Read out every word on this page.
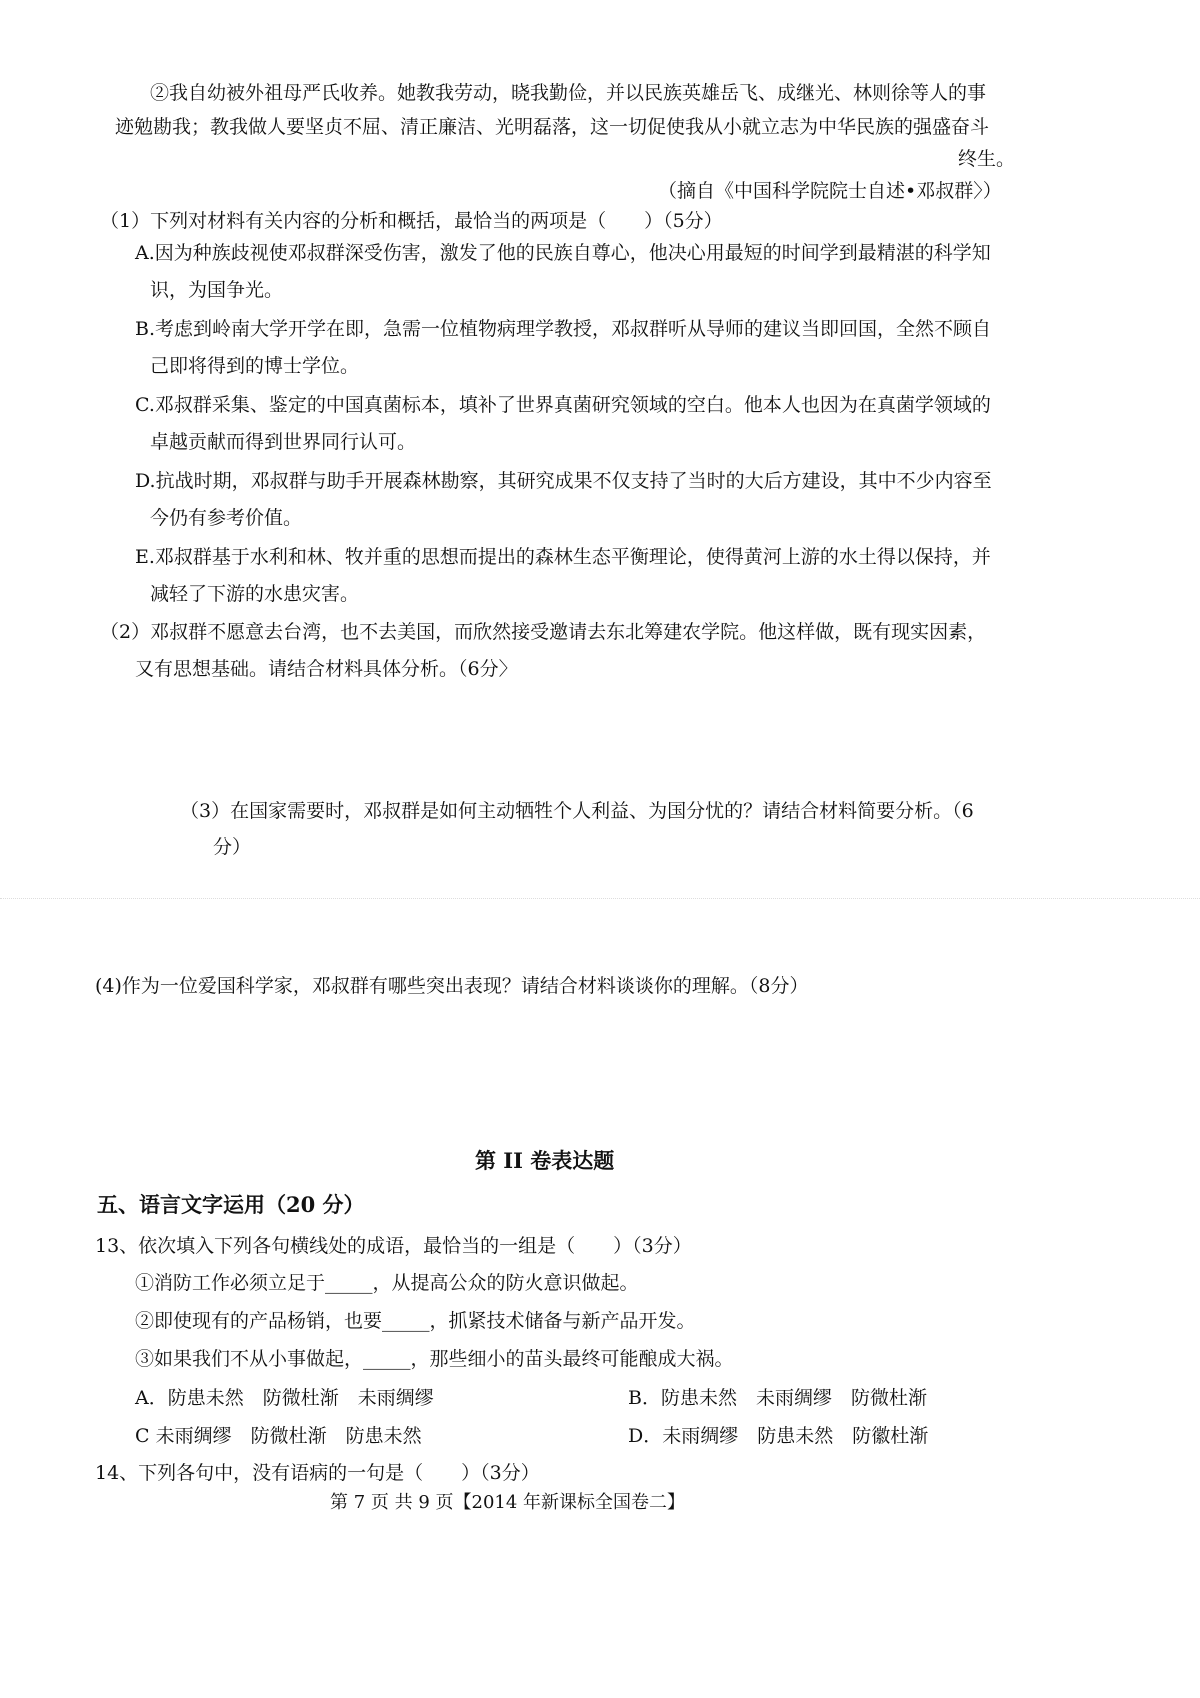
②我自幼被外祖母严氏收养。她教我劳动，晓我勤俭，并以民族英雄岳飞、成继光、林则徐等人的事
迹勉勘我；教我做人要坚贞不屈、清正廉洁、光明磊落，这一切促使我从小就立志为中华民族的强盛奋斗
终生。
（摘自《中国科学院院士自述•邓叔群〉）
（1）下列对材料有关内容的分析和概括，最恰当的两项是（　　）（5分）
A.因为种族歧视使邓叔群深受伤害，激发了他的民族自尊心，他决心用最短的时间学到最精湛的科学知
识，为国争光。
B.考虑到岭南大学开学在即，急需一位植物病理学教授，邓叔群听从导师的建议当即回国，全然不顾自
己即将得到的博士学位。
C.邓叔群采集、鉴定的中国真菌标本，填补了世界真菌研究领域的空白。他本人也因为在真菌学领域的
卓越贡献而得到世界同行认可。
D.抗战时期，邓叔群与助手开展森林勘察，其研究成果不仅支持了当时的大后方建设，其中不少内容至
今仍有参考价值。
E.邓叔群基于水利和林、牧并重的思想而提出的森林生态平衡理论，使得黄河上游的水土得以保持，并
减轻了下游的水患灾害。
（2）邓叔群不愿意去台湾，也不去美国，而欣然接受邀请去东北筹建农学院。他这样做，既有现实因素，
又有思想基础。请结合材料具体分析。（6分〉
（3）在国家需要时，邓叔群是如何主动牺牲个人利益、为国分忧的？请结合材料简要分析。（6
分）
(4)作为一位爱国科学家，邓叔群有哪些突出表现？请结合材料谈谈你的理解。（8分）
第 II 卷表达题
五、语言文字运用（20 分）
13、依次填入下列各句横线处的成语，最恰当的一组是（　　）（3分）
①消防工作必须立足于_____，从提高公众的防火意识做起。
②即使现有的产品杨销，也要_____，抓紧技术储备与新产品开发。
③如果我们不从小事做起，_____，那些细小的苗头最终可能酿成大祸。
A．防患未然　防微杜渐　未雨绸缪	B．防患未然　未雨绸缪　防微杜渐
C 未雨绸缪　防微杜渐　防患未然	D．未雨绸缪　防患未然　防徽杜渐
14、下列各句中，没有语病的一句是（　　）（3分）
第 7 页 共 9 页【2014 年新课标全国卷二】
